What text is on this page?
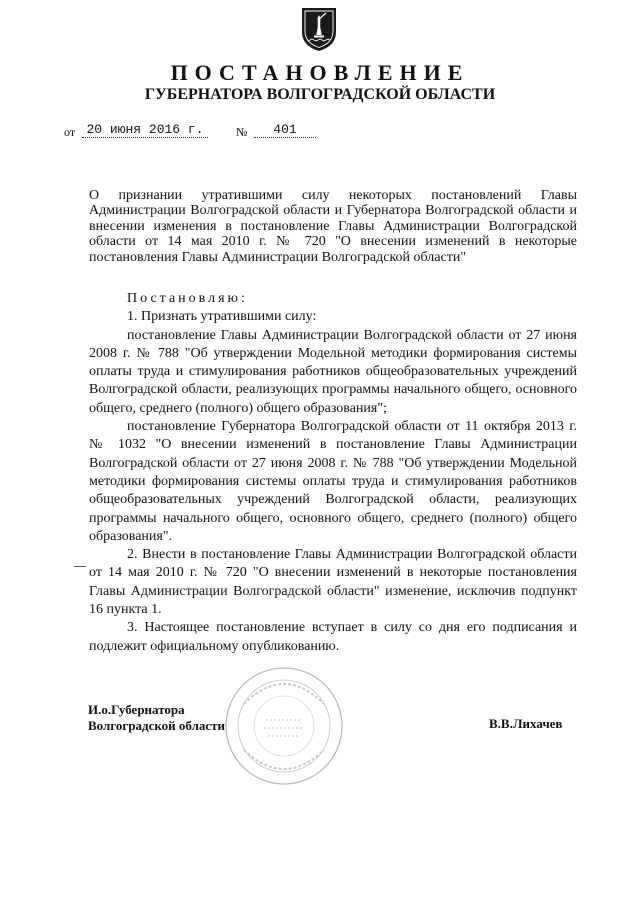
ПОСТАНОВЛЕНИЕ
ГУБЕРНАТОРА ВОЛГОГРАДСКОЙ ОБЛАСТИ
от 20 июня 2016 г.	№	401
О признании утратившими силу некоторых постановлений Главы Администрации Волгоградской области и Губернатора Волгоградской области и внесении изменения в постановление Главы Администрации Волгоградской области от 14 мая 2010 г. № 720 "О внесении изменений в некоторые постановления Главы Администрации Волгоградской области"

Постановляю:

1. Признать утратившими силу:

постановление Главы Администрации Волгоградской области от 27 июня 2008 г. № 788 "Об утверждении Модельной методики формирования системы оплаты труда и стимулирования работников общеобразовательных учреждений Волгоградской области, реализующих программы начального общего, основного общего, среднего (полного) общего образования";

постановление Губернатора Волгоградской области от 11 октября 2013 г. № 1032 "О внесении изменений в постановление Главы Администрации Волгоградской области от 27 июня 2008 г. № 788 "Об утверждении Модельной методики формирования системы оплаты труда и стимулирования работников общеобразовательных учреждений Волгоградской области, реализующих программы начального общего, основного общего, среднего (полного) общего образования".

2. Внести в постановление Главы Администрации Волгоградской области от 14 мая 2010 г. № 720 "О внесении изменений в некоторые постановления Главы Администрации Волгоградской области" изменение, исключив подпункт 16 пункта 1.

3. Настоящее постановление вступает в силу со дня его подписания и подлежит официальному опубликованию.

И.о.Губернатора
Волгоградской области	В.В.Лихачев
